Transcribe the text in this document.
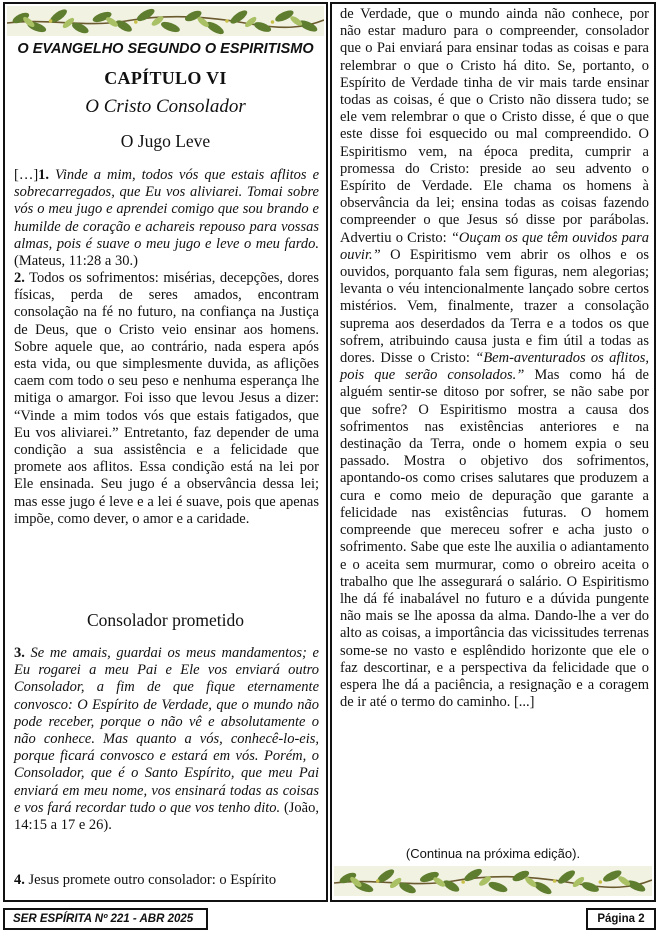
O EVANGELHO SEGUNDO O ESPIRITISMO
CAPÍTULO VI
O Cristo Consolador
O Jugo Leve
[…]1. Vinde a mim, todos vós que estais aflitos e sobrecarregados, que Eu vos aliviarei. Tomai sobre vós o meu jugo e aprendei comigo que sou brando e humilde de coração e achareis repouso para vossas almas, pois é suave o meu jugo e leve o meu fardo. (Mateus, 11:28 a 30.)
2. Todos os sofrimentos: misérias, decepções, dores físicas, perda de seres amados, encontram consolação na fé no futuro, na confiança na Justiça de Deus, que o Cristo veio ensinar aos homens. Sobre aquele que, ao contrário, nada espera após esta vida, ou que simplesmente duvida, as aflições caem com todo o seu peso e nenhuma esperança lhe mitiga o amargor. Foi isso que levou Jesus a dizer: “Vinde a mim todos vós que estais fatigados, que Eu vos aliviarei.” Entretanto, faz depender de uma condição a sua assistência e a felicidade que promete aos aflitos. Essa condição está na lei por Ele ensinada. Seu jugo é a observância dessa lei; mas esse jugo é leve e a lei é suave, pois que apenas impõe, como dever, o amor e a caridade.
Consolador prometido
3. Se me amais, guardai os meus mandamentos; e Eu rogarei a meu Pai e Ele vos enviará outro Consolador, a fim de que fique eternamente convosco: O Espírito de Verdade, que o mundo não pode receber, porque o não vê e absolutamente o não conhece. Mas quanto a vós, conhecê-lo-eis, porque ficará convosco e estará em vós. Porém, o Consolador, que é o Santo Espírito, que meu Pai enviará em meu nome, vos ensinará todas as coisas e vos fará recordar tudo o que vos tenho dito. (João, 14:15 a 17 e 26).
4. Jesus promete outro consolador: o Espírito
de Verdade, que o mundo ainda não conhece, por não estar maduro para o compreender, consolador que o Pai enviará para ensinar todas as coisas e para relembrar o que o Cristo há dito. Se, portanto, o Espírito de Verdade tinha de vir mais tarde ensinar todas as coisas, é que o Cristo não dissera tudo; se ele vem relembrar o que o Cristo disse, é que o que este disse foi esquecido ou mal compreendido. O Espiritismo vem, na época predita, cumprir a promessa do Cristo: preside ao seu advento o Espírito de Verdade. Ele chama os homens à observância da lei; ensina todas as coisas fazendo compreender o que Jesus só disse por parábolas. Advertiu o Cristo: “Ouçam os que têm ouvidos para ouvir.” O Espiritismo vem abrir os olhos e os ouvidos, porquanto fala sem figuras, nem alegorias; levanta o véu intencionalmente lançado sobre certos mistérios. Vem, finalmente, trazer a consolação suprema aos deserdados da Terra e a todos os que sofrem, atribuindo causa justa e fim útil a todas as dores. Disse o Cristo: “Bem-aventurados os aflitos, pois que serão consolados.” Mas como há de alguém sentir-se ditoso por sofrer, se não sabe por que sofre? O Espiritismo mostra a causa dos sofrimentos nas existências anteriores e na destinação da Terra, onde o homem expia o seu passado. Mostra o objetivo dos sofrimentos, apontando-os como crises salutares que produzem a cura e como meio de depuração que garante a felicidade nas existências futuras. O homem compreende que mereceu sofrer e acha justo o sofrimento. Sabe que este lhe auxilia o adiantamento e o aceita sem murmurar, como o obreiro aceita o trabalho que lhe assegurará o salário. O Espiritismo lhe dá fé inabalável no futuro e a dúvida pungente não mais se lhe apossa da alma. Dando-lhe a ver do alto as coisas, a importância das vicissitudes terrenas some-se no vasto e esplêndido horizonte que ele o faz descortinar, e a perspectiva da felicidade que o espera lhe dá a paciência, a resignação e a coragem de ir até o termo do caminho. [...]
(Continua na próxima edição).
SER ESPÍRITA Nº 221 - ABR 2025	Página 2
